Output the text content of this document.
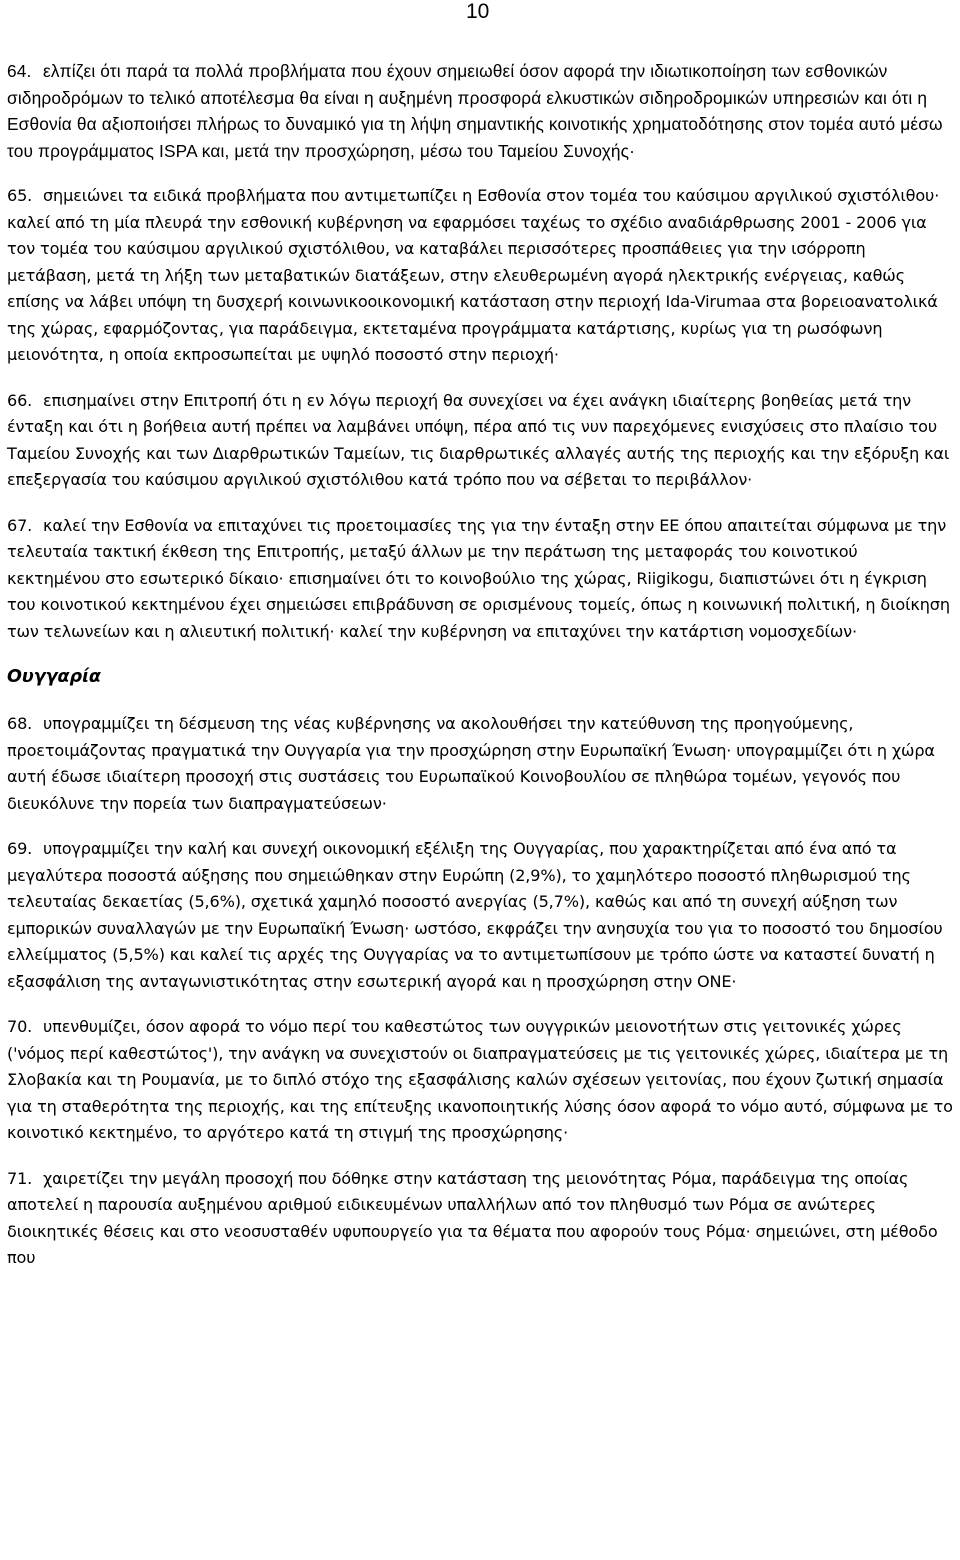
10

64. ελπίζει ότι παρά τα πολλά προβλήματα που έχουν σημειωθεί όσον αφορά την ιδιωτικοποίηση των εσθονικών σιδηροδρόμων το τελικό αποτέλεσμα θα είναι η αυξημένη προσφορά ελκυστικών σιδηροδρομικών υπηρεσιών και ότι η Εσθονία θα αξιοποιήσει πλήρως το δυναμικό για τη λήψη σημαντικής κοινοτικής χρηματοδότησης στον τομέα αυτό μέσω του προγράμματος ISPA και, μετά την προσχώρηση, μέσω του Ταμείου Συνοχής·

65. σημειώνει τα ειδικά προβλήματα που αντιμετωπίζει η Εσθονία στον τομέα του καύσιμου αργιλικού σχιστόλιθου· καλεί από τη μία πλευρά την εσθονική κυβέρνηση να εφαρμόσει ταχέως το σχέδιο αναδιάρθρωσης 2001 - 2006 για τον τομέα του καύσιμου αργιλικού σχιστόλιθου, να καταβάλει περισσότερες προσπάθειες για την ισόρροπη μετάβαση, μετά τη λήξη των μεταβατικών διατάξεων, στην ελευθερωμένη αγορά ηλεκτρικής ενέργειας, καθώς επίσης να λάβει υπόψη τη δυσχερή κοινωνικοοικονομική κατάσταση στην περιοχή Ida-Virumaa στα βορειοανατολικά της χώρας, εφαρμόζοντας, για παράδειγμα, εκτεταμένα προγράμματα κατάρτισης, κυρίως για τη ρωσόφωνη μειονότητα, η οποία εκπροσωπείται με υψηλό ποσοστό στην περιοχή·

66. επισημαίνει στην Επιτροπή ότι η εν λόγω περιοχή θα συνεχίσει να έχει ανάγκη ιδιαίτερης βοηθείας μετά την ένταξη και ότι η βοήθεια αυτή πρέπει να λαμβάνει υπόψη, πέρα από τις νυν παρεχόμενες ενισχύσεις στο πλαίσιο του Ταμείου Συνοχής και των Διαρθρωτικών Ταμείων, τις διαρθρωτικές αλλαγές αυτής της περιοχής και την εξόρυξη και επεξεργασία του καύσιμου αργιλικού σχιστόλιθου κατά τρόπο που να σέβεται το περιβάλλον·

67. καλεί την Εσθονία να επιταχύνει τις προετοιμασίες της για την ένταξη στην ΕΕ όπου απαιτείται σύμφωνα με την τελευταία τακτική έκθεση της Επιτροπής, μεταξύ άλλων με την περάτωση της μεταφοράς του κοινοτικού κεκτημένου στο εσωτερικό δίκαιο· επισημαίνει ότι το κοινοβούλιο της χώρας, Riigikogu, διαπιστώνει ότι η έγκριση του κοινοτικού κεκτημένου έχει σημειώσει επιβράδυνση σε ορισμένους τομείς, όπως η κοινωνική πολιτική, η διοίκηση των τελωνείων και η αλιευτική πολιτική· καλεί την κυβέρνηση να επιταχύνει την κατάρτιση νομοσχεδίων·

Ουγγαρία

68. υπογραμμίζει τη δέσμευση της νέας κυβέρνησης να ακολουθήσει την κατεύθυνση της προηγούμενης, προετοιμάζοντας πραγματικά την Ουγγαρία για την προσχώρηση στην Ευρωπαϊκή Ένωση· υπογραμμίζει ότι η χώρα αυτή έδωσε ιδιαίτερη προσοχή στις συστάσεις του Ευρωπαϊκού Κοινοβουλίου σε πληθώρα τομέων, γεγονός που διευκόλυνε την πορεία των διαπραγματεύσεων·

69. υπογραμμίζει την καλή και συνεχή οικονομική εξέλιξη της Ουγγαρίας, που χαρακτηρίζεται από ένα από τα μεγαλύτερα ποσοστά αύξησης που σημειώθηκαν στην Ευρώπη (2,9%), το χαμηλότερο ποσοστό πληθωρισμού της τελευταίας δεκαετίας (5,6%), σχετικά χαμηλό ποσοστό ανεργίας (5,7%), καθώς και από τη συνεχή αύξηση των εμπορικών συναλλαγών με την Ευρωπαϊκή Ένωση· ωστόσο, εκφράζει την ανησυχία του για το ποσοστό του δημοσίου ελλείμματος (5,5%) και καλεί τις αρχές της Ουγγαρίας να το αντιμετωπίσουν με τρόπο ώστε να καταστεί δυνατή η εξασφάλιση της ανταγωνιστικότητας στην εσωτερική αγορά και η προσχώρηση στην ΟΝΕ·

70. υπενθυμίζει, όσον αφορά το νόμο περί του καθεστώτος των ουγγρικών μειονοτήτων στις γειτονικές χώρες ('νόμος περί καθεστώτος'), την ανάγκη να συνεχιστούν οι διαπραγματεύσεις με τις γειτονικές χώρες, ιδιαίτερα με τη Σλοβακία και τη Ρουμανία, με το διπλό στόχο της εξασφάλισης καλών σχέσεων γειτονίας, που έχουν ζωτική σημασία για τη σταθερότητα της περιοχής, και της επίτευξης ικανοποιητικής λύσης όσον αφορά το νόμο αυτό, σύμφωνα με το κοινοτικό κεκτημένο, το αργότερο κατά τη στιγμή της προσχώρησης·

71. χαιρετίζει την μεγάλη προσοχή που δόθηκε στην κατάσταση της μειονότητας Ρόμα, παράδειγμα της οποίας αποτελεί η παρουσία αυξημένου αριθμού ειδικευμένων υπαλλήλων από τον πληθυσμό των Ρόμα σε ανώτερες διοικητικές θέσεις και στο νεοσυσταθέν υφυπουργείο για τα θέματα που αφορούν τους Ρόμα· σημειώνει, στη μέθοδο που
